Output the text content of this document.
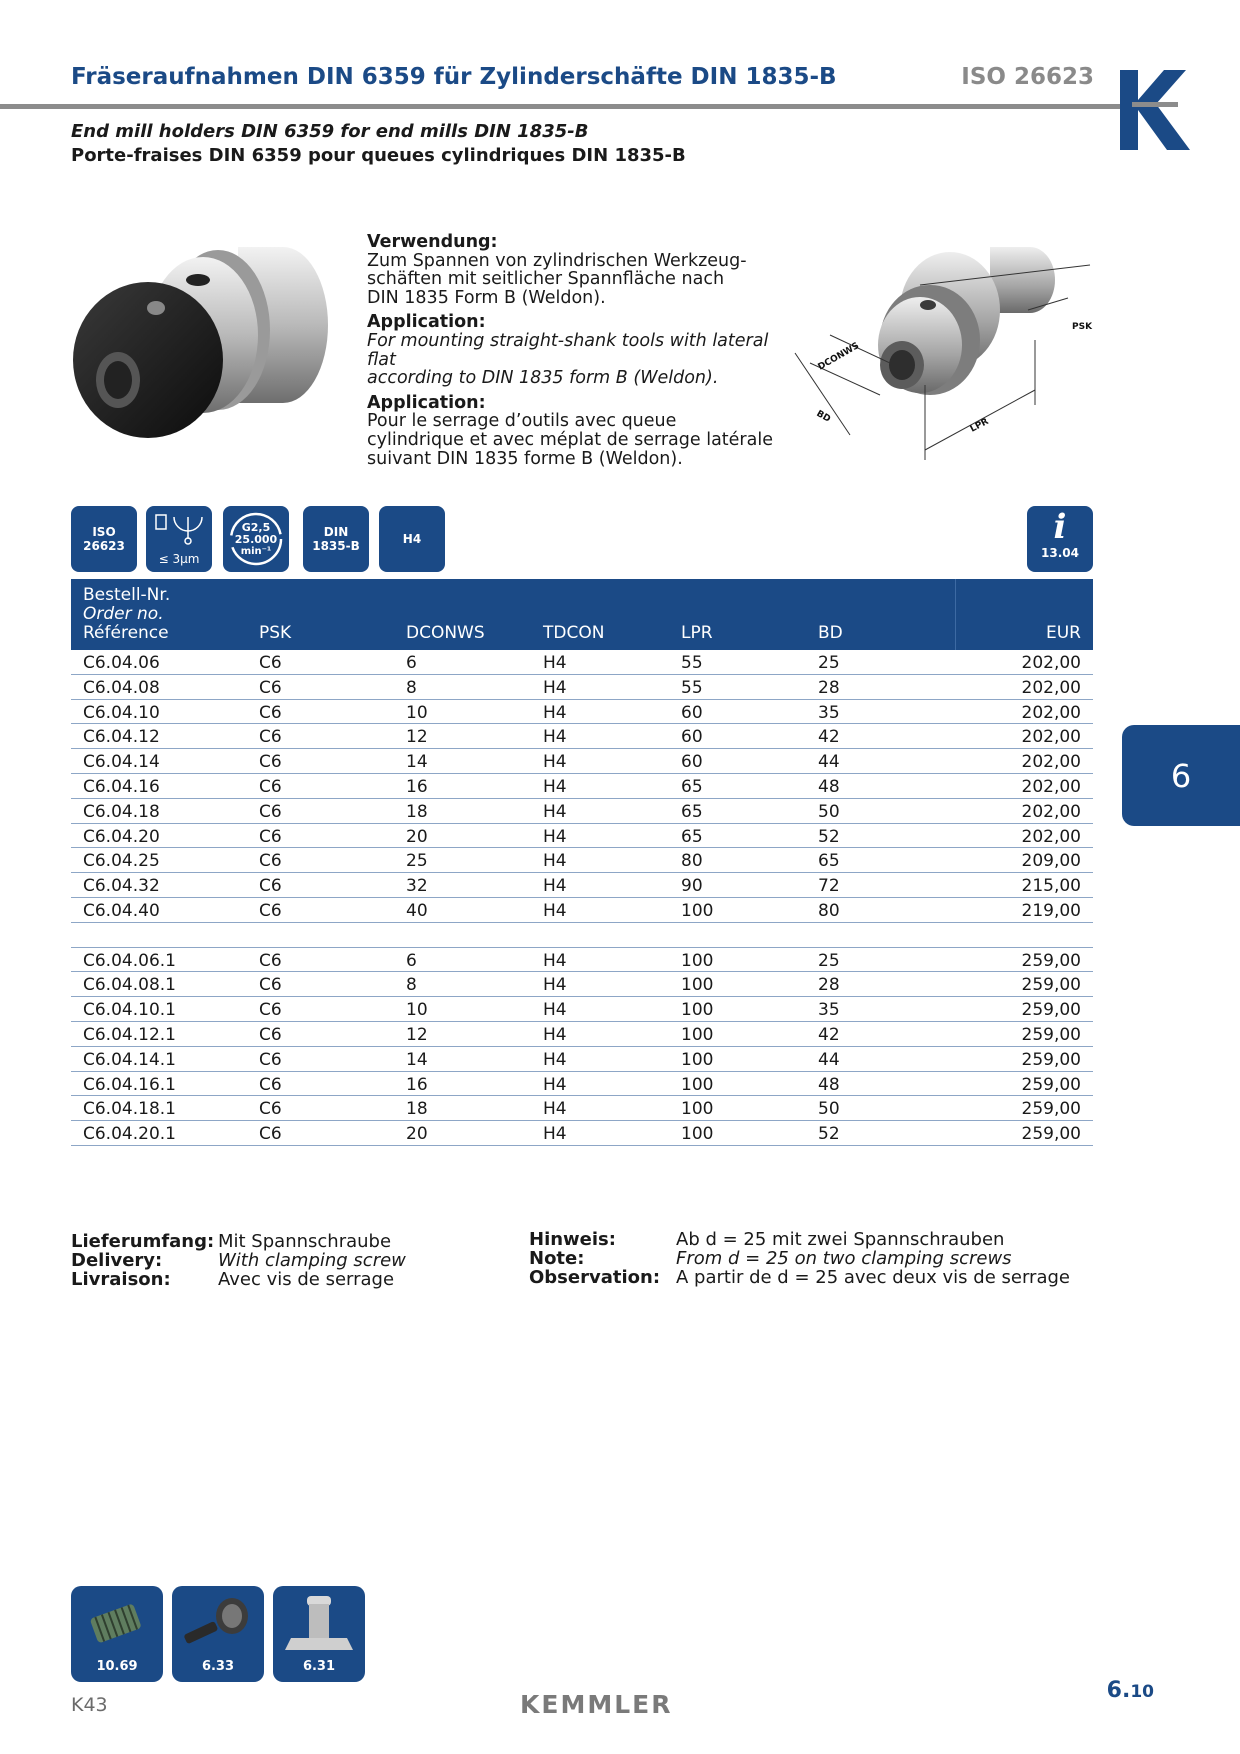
Fräseraufnahmen DIN 6359 für Zylinderschäfte DIN 1835-B	ISO 26623
End mill holders DIN 6359 for end mills DIN 1835-B
Porte-fraises DIN 6359 pour queues cylindriques DIN 1835-B
Verwendung:
Zum Spannen von zylindrischen Werkzeug-
schäften mit seitlicher Spannfläche nach
DIN 1835 Form B (Weldon).
Application:
For mounting straight-shank tools with lateral flat
according to DIN 1835 form B (Weldon).
Application:
Pour le serrage d’outils avec queue
cylindrique et avec méplat de serrage latérale
suivant DIN 1835 forme B (Weldon).
PSK
DCONWS
BD	LPR
ISO
26623
≤ 3µm
G2,5
25.000
min⁻¹
DIN
1835-B	H4	i
13.04
Bestell-Nr.
Order no.
Référence	PSK	DCONWS	TDCON	LPR	BD	EUR
C6.04.06	C6	6	H4	55	25	202,00
C6.04.08	C6	8	H4	55	28	202,00
C6.04.10	C6	10	H4	60	35	202,00
C6.04.12	C6	12	H4	60	42	202,00
C6.04.14	C6	14	H4	60	44	202,00
C6.04.16	C6	16	H4	65	48	202,00
C6.04.18	C6	18	H4	65	50	202,00
C6.04.20	C6	20	H4	65	52	202,00
C6.04.25	C6	25	H4	80	65	209,00
C6.04.32	C6	32	H4	90	72	215,00
C6.04.40	C6	40	H4	100	80	219,00
C6.04.06.1	C6	6	H4	100	25	259,00
C6.04.08.1	C6	8	H4	100	28	259,00
C6.04.10.1	C6	10	H4	100	35	259,00
C6.04.12.1	C6	12	H4	100	42	259,00
C6.04.14.1	C6	14	H4	100	44	259,00
C6.04.16.1	C6	16	H4	100	48	259,00
C6.04.18.1	C6	18	H4	100	50	259,00
C6.04.20.1	C6	20	H4	100	52	259,00
6
Lieferumfang:
Delivery:
Livraison:
Mit Spannschraube
With clamping screw
Avec vis de serrage
Hinweis:
Note:
Observation:
Ab d = 25 mit zwei Spannschrauben
From d = 25 on two clamping screws
A partir de d = 25 avec deux vis de serrage
10.69	6.33	6.31
K43	KEMMLER	6.10
